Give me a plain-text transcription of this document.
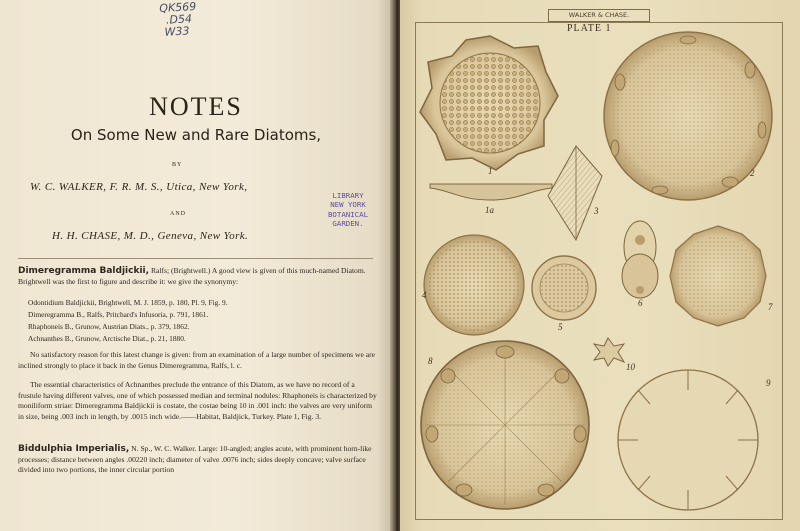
QK569
.D54
W33
NOTES
On Some New and Rare Diatoms,
BY
W. C. WALKER, F. R. M. S., Utica, New York,
AND
H. H. CHASE, M. D., Geneva, New York.
LIBRARY
NEW YORK
BOTANICAL
GARDEN.
Dimeregramma Baldjickii, Ralfs; (Brightwell.) A good view is given of this much-named Diatom. Brightwell was the first to figure and describe it: we give the synonymy:
Odontidium Baldjickii, Brightwell, M. J. 1859, p. 180, Pl. 9, Fig. 9.
Dimeregramma B., Ralfs, Pritchard's Infusoria, p. 791, 1861.
Rhaphoneis B., Grunow, Austrian Diats., p. 379, 1862.
Achnanthes B., Grunow, Arctische Diat., p. 21, 1880.
No satisfactory reason for this latest change is given: from an examination of a large number of specimens we are inclined strongly to place it back in the Genus Dimeregramma, Ralfs, l. c.
The essential characteristics of Achnanthes preclude the entrance of this Diatom, as we have no record of a frustule having different valves, one of which possessed median and terminal nodules: Rhaphoneis is characterized by moniliform striae: Dimeregramma Baldjickii is costate, the costae being 10 in .001 inch: the valves are very uniform in size, being .003 inch in length, by .0015 inch wide.——Habitat, Baldjick, Turkey. Plate 1, Fig. 3.
Biddulphia Imperialis, N. Sp., W. C. Walker. Large: 10-angled; angles acute, with prominent horn-like processes; distance between angles .00220 inch; diameter of valve .0076 inch; sides deeply concave; valve surface divided into two portions, the inner circular portion
WALKER & CHASE.
PLATE 1
1
1a
2
3
4
5
6	7
8
9
10
